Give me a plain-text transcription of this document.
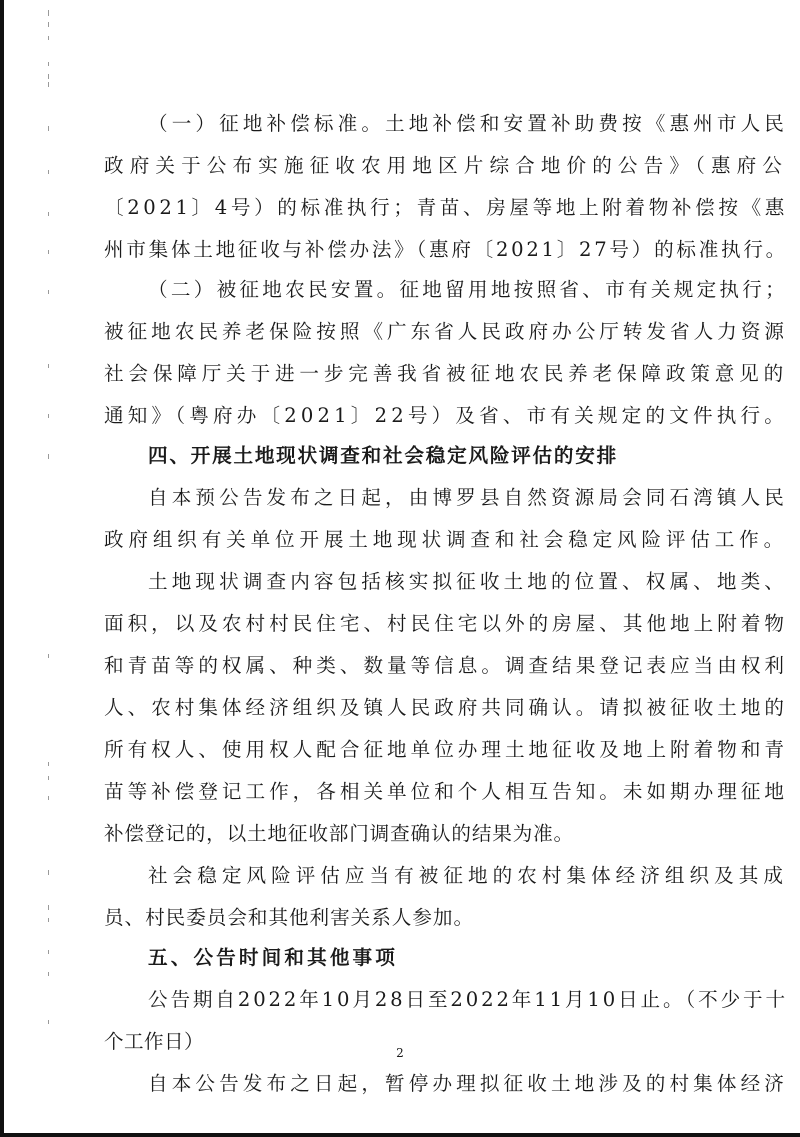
（一）征地补偿标准。土地补偿和安置补助费按《惠州市人民
政府关于公布实施征收农用地区片综合地价的公告》（惠府公
〔2021〕4号）的标准执行；青苗、房屋等地上附着物补偿按《惠
州市集体土地征收与补偿办法》（惠府〔2021〕27号）的标准执行。
（二）被征地农民安置。征地留用地按照省、市有关规定执行；
被征地农民养老保险按照《广东省人民政府办公厅转发省人力资源
社会保障厅关于进一步完善我省被征地农民养老保障政策意见的
通知》（粤府办〔2021〕22号）及省、市有关规定的文件执行。
四、开展土地现状调查和社会稳定风险评估的安排
自本预公告发布之日起，由博罗县自然资源局会同石湾镇人民
政府组织有关单位开展土地现状调查和社会稳定风险评估工作。
土地现状调查内容包括核实拟征收土地的位置、权属、地类、
面积，以及农村村民住宅、村民住宅以外的房屋、其他地上附着物
和青苗等的权属、种类、数量等信息。调查结果登记表应当由权利
人、农村集体经济组织及镇人民政府共同确认。请拟被征收土地的
所有权人、使用权人配合征地单位办理土地征收及地上附着物和青
苗等补偿登记工作，各相关单位和个人相互告知。未如期办理征地
补偿登记的，以土地征收部门调查确认的结果为准。
社会稳定风险评估应当有被征地的农村集体经济组织及其成
员、村民委员会和其他利害关系人参加。
五、公告时间和其他事项
公告期自2022年10月28日至2022年11月10日止。（不少于十
个工作日）
自本公告发布之日起，暂停办理拟征收土地涉及的村集体经济
2
